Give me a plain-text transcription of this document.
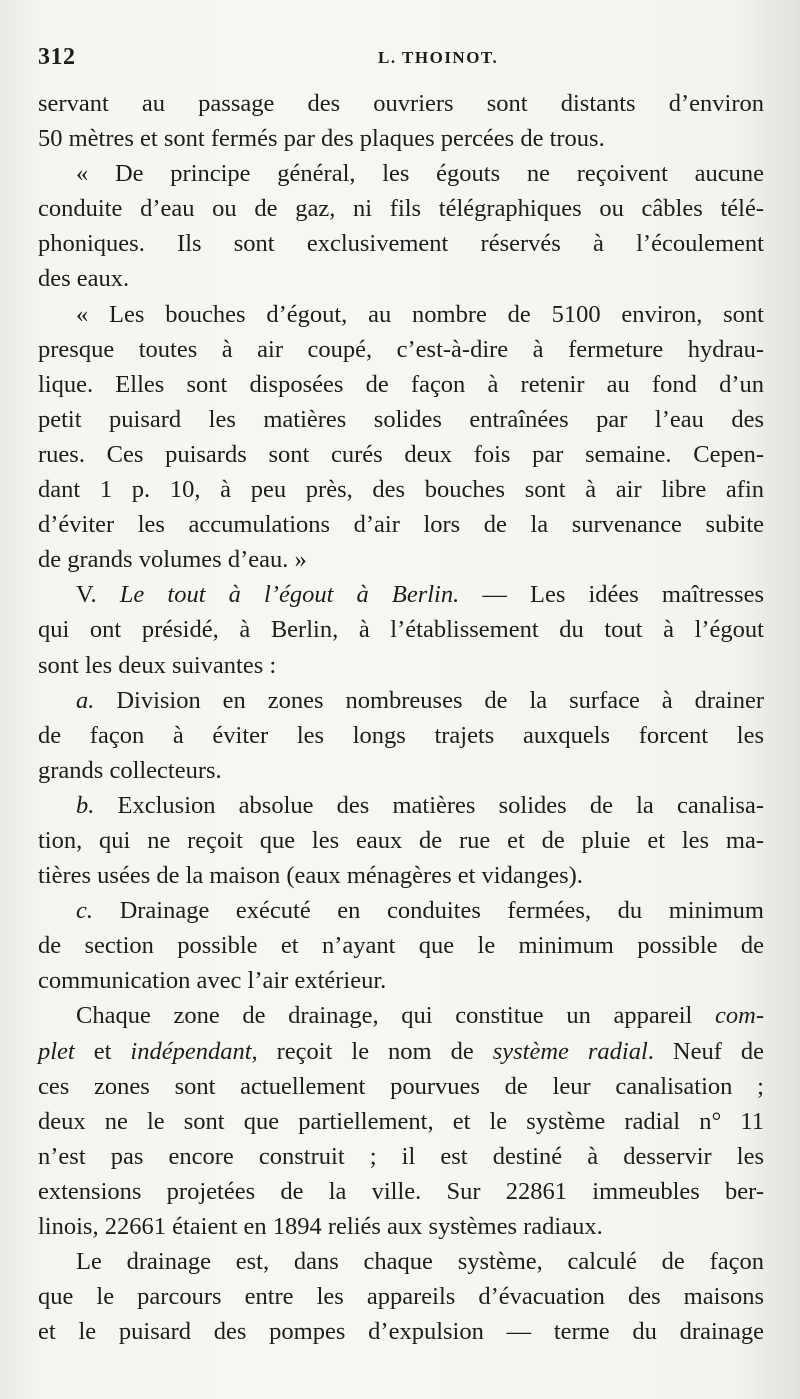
312	L. THOINOT.
servant au passage des ouvriers sont distants d’environ
50 mètres et sont fermés par des plaques percées de trous.
« De principe général, les égouts ne reçoivent aucune
conduite d’eau ou de gaz, ni fils télégraphiques ou câbles télé-
phoniques. Ils sont exclusivement réservés à l’écoulement
des eaux.
« Les bouches d’égout, au nombre de 5100 environ, sont
presque toutes à air coupé, c’est-à-dire à fermeture hydrau-
lique. Elles sont disposées de façon à retenir au fond d’un
petit puisard les matières solides entraînées par l’eau des
rues. Ces puisards sont curés deux fois par semaine. Cepen-
dant 1 p. 10, à peu près, des bouches sont à air libre afin
d’éviter les accumulations d’air lors de la survenance subite
de grands volumes d’eau. »
V. Le tout à l’égout à Berlin. — Les idées maîtresses
qui ont présidé, à Berlin, à l’établissement du tout à l’égout
sont les deux suivantes :
a. Division en zones nombreuses de la surface à drainer
de façon à éviter les longs trajets auxquels forcent les
grands collecteurs.
b. Exclusion absolue des matières solides de la canalisa-
tion, qui ne reçoit que les eaux de rue et de pluie et les ma-
tières usées de la maison (eaux ménagères et vidanges).
c. Drainage exécuté en conduites fermées, du minimum
de section possible et n’ayant que le minimum possible de
communication avec l’air extérieur.
Chaque zone de drainage, qui constitue un appareil com-
plet et indépendant, reçoit le nom de système radial. Neuf de
ces zones sont actuellement pourvues de leur canalisation ;
deux ne le sont que partiellement, et le système radial n° 11
n’est pas encore construit ; il est destiné à desservir les
extensions projetées de la ville. Sur 22861 immeubles ber-
linois, 22661 étaient en 1894 reliés aux systèmes radiaux.
Le drainage est, dans chaque système, calculé de façon
que le parcours entre les appareils d’évacuation des maisons
et le puisard des pompes d’expulsion — terme du drainage
